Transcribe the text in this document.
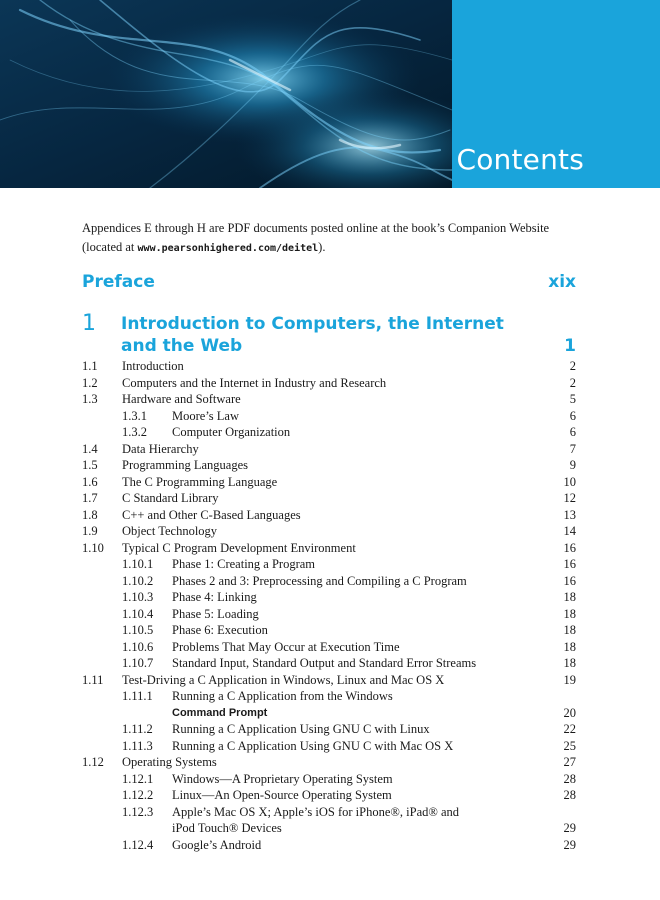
Contents
Appendices E through H are PDF documents posted online at the book’s Companion Website (located at www.pearsonhighered.com/deitel).
Preface	xix
1 Introduction to Computers, the Internet
and the Web	1
1.1 Introduction	2
1.2 Computers and the Internet in Industry and Research	2
1.3 Hardware and Software	5
1.3.1 Moore’s Law	6
1.3.2 Computer Organization	6
1.4 Data Hierarchy	7
1.5 Programming Languages	9
1.6 The C Programming Language	10
1.7 C Standard Library	12
1.8 C++ and Other C-Based Languages	13
1.9 Object Technology	14
1.10 Typical C Program Development Environment	16
1.10.1 Phase 1: Creating a Program	16
1.10.2 Phases 2 and 3: Preprocessing and Compiling a C Program	16
1.10.3 Phase 4: Linking	18
1.10.4 Phase 5: Loading	18
1.10.5 Phase 6: Execution	18
1.10.6 Problems That May Occur at Execution Time	18
1.10.7 Standard Input, Standard Output and Standard Error Streams	18
1.11 Test-Driving a C Application in Windows, Linux and Mac OS X	19
1.11.1 Running a C Application from the Windows
Command Prompt	20
1.11.2 Running a C Application Using GNU C with Linux	22
1.11.3 Running a C Application Using GNU C with Mac OS X	25
1.12 Operating Systems	27
1.12.1 Windows—A Proprietary Operating System	28
1.12.2 Linux—An Open-Source Operating System	28
1.12.3 Apple’s Mac OS X; Apple’s iOS for iPhone®, iPad® and
iPod Touch® Devices	29
1.12.4 Google’s Android	29
